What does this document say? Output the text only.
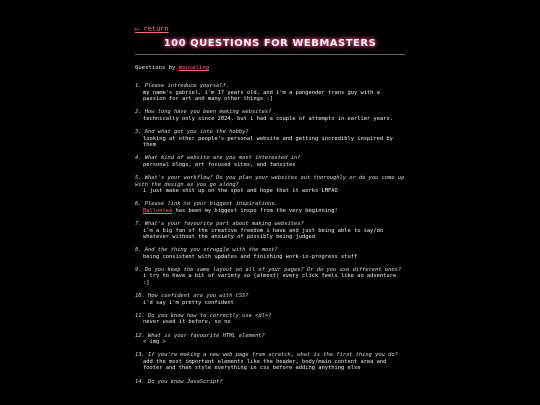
⟵ return
100 QUESTIONS FOR WEBMASTERS
Questions by mouseling
1. Please introduce yourself.
my name's gabriel, i'm 17 years old, and i'm a pangender trans guy with a passion for art and many other things :]
2. How long have you been making websites?
technically only since 2024, but i had a couple of attempts in earlier years.
3. And what got you into the hobby?
looking at other people's personal website and getting incredibly inspired by them
4. What kind of website are you most interested in?
personal blogs, art focused sites, and fansites
5. What's your workflow? Do you plan your websites out thoroughly or do you come up with the design as you go along?
i just make shit up on the spot and hope that it works LMFAO
6. Please link to your biggest inspirations.
Ballonlea has been my biggest inspo from the very beginning!
7. What's your favourite part about making websites?
i'm a big fan of the creative freedom i have and just being able to say/do whatever without the anxiety of possibly being judged
8. And the thing you struggle with the most?
being consistent with updates and finishing work-in-progress stuff
9. Do you keep the same layout on all of your pages? Or do you use different ones?
i try to have a bit of variety so (almost) every click feels like an adventure :]
10. How confident are you with CSS?
i'd say i'm pretty confident
11. Do you know how to correctly use <dl>?
never used it before, so no
12. What is your favourite HTML element?
< img >
13. If you're making a new web page from scratch, what is the first thing you do?
add the most important elements like the header, body/main content area and footer and then style everything in css before adding anything else
14. Do you know JavaScript?
